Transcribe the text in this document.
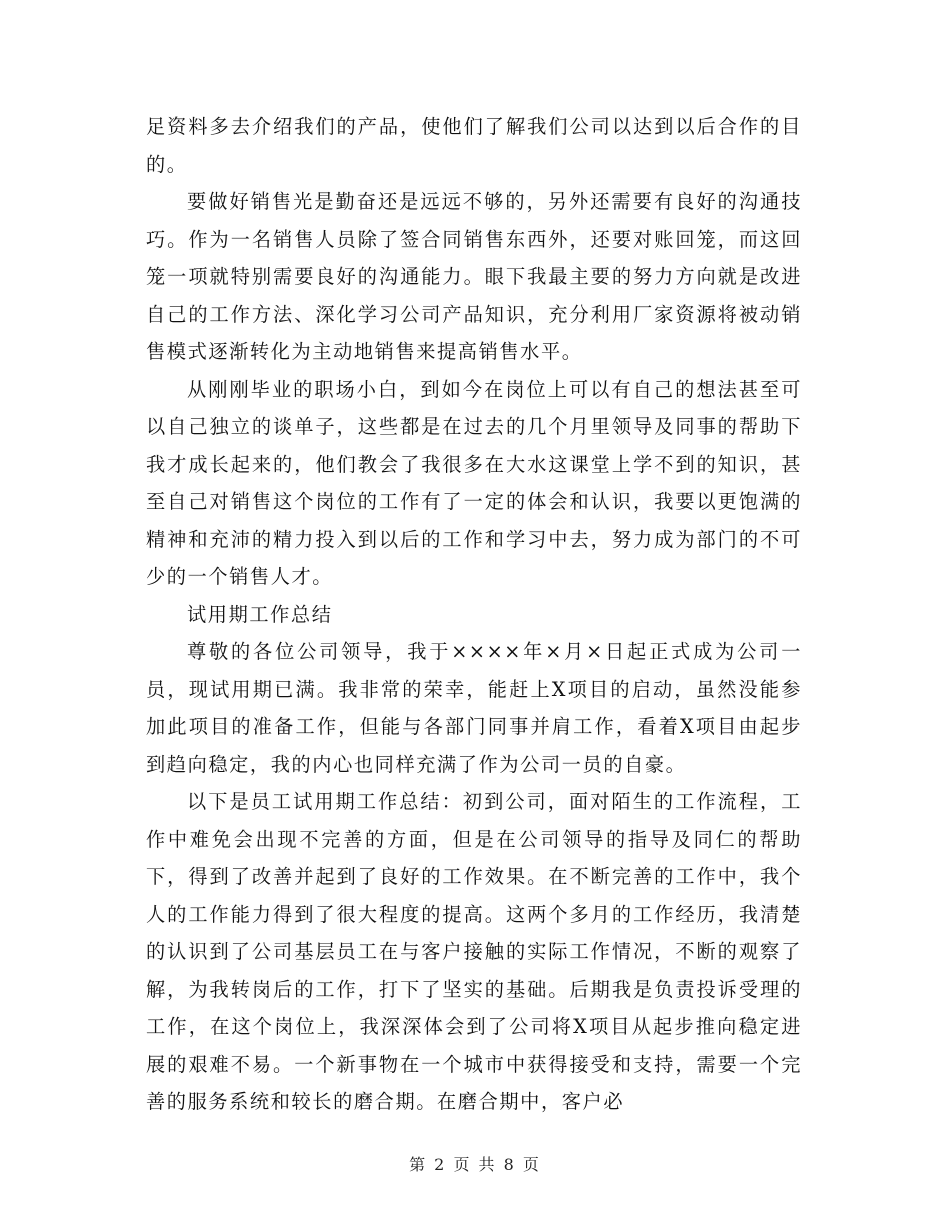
足资料多去介绍我们的产品，使他们了解我们公司以达到以后合作的目的。

要做好销售光是勤奋还是远远不够的，另外还需要有良好的沟通技巧。作为一名销售人员除了签合同销售东西外，还要对账回笼，而这回笼一项就特别需要良好的沟通能力。眼下我最主要的努力方向就是改进自己的工作方法、深化学习公司产品知识，充分利用厂家资源将被动销售模式逐渐转化为主动地销售来提高销售水平。

从刚刚毕业的职场小白，到如今在岗位上可以有自己的想法甚至可以自己独立的谈单子，这些都是在过去的几个月里领导及同事的帮助下我才成长起来的，他们教会了我很多在大水这课堂上学不到的知识，甚至自己对销售这个岗位的工作有了一定的体会和认识，我要以更饱满的精神和充沛的精力投入到以后的工作和学习中去，努力成为部门的不可少的一个销售人才。

试用期工作总结

尊敬的各位公司领导，我于××××年×月×日起正式成为公司一员，现试用期已满。我非常的荣幸，能赶上X项目的启动，虽然没能参加此项目的准备工作，但能与各部门同事并肩工作，看着X项目由起步到趋向稳定，我的内心也同样充满了作为公司一员的自豪。

以下是员工试用期工作总结：初到公司，面对陌生的工作流程，工作中难免会出现不完善的方面，但是在公司领导的指导及同仁的帮助下，得到了改善并起到了良好的工作效果。在不断完善的工作中，我个人的工作能力得到了很大程度的提高。这两个多月的工作经历，我清楚的认识到了公司基层员工在与客户接触的实际工作情况，不断的观察了解，为我转岗后的工作，打下了坚实的基础。后期我是负责投诉受理的工作，在这个岗位上，我深深体会到了公司将X项目从起步推向稳定进展的艰难不易。一个新事物在一个城市中获得接受和支持，需要一个完善的服务系统和较长的磨合期。在磨合期中，客户必

第 2 页 共 8 页
